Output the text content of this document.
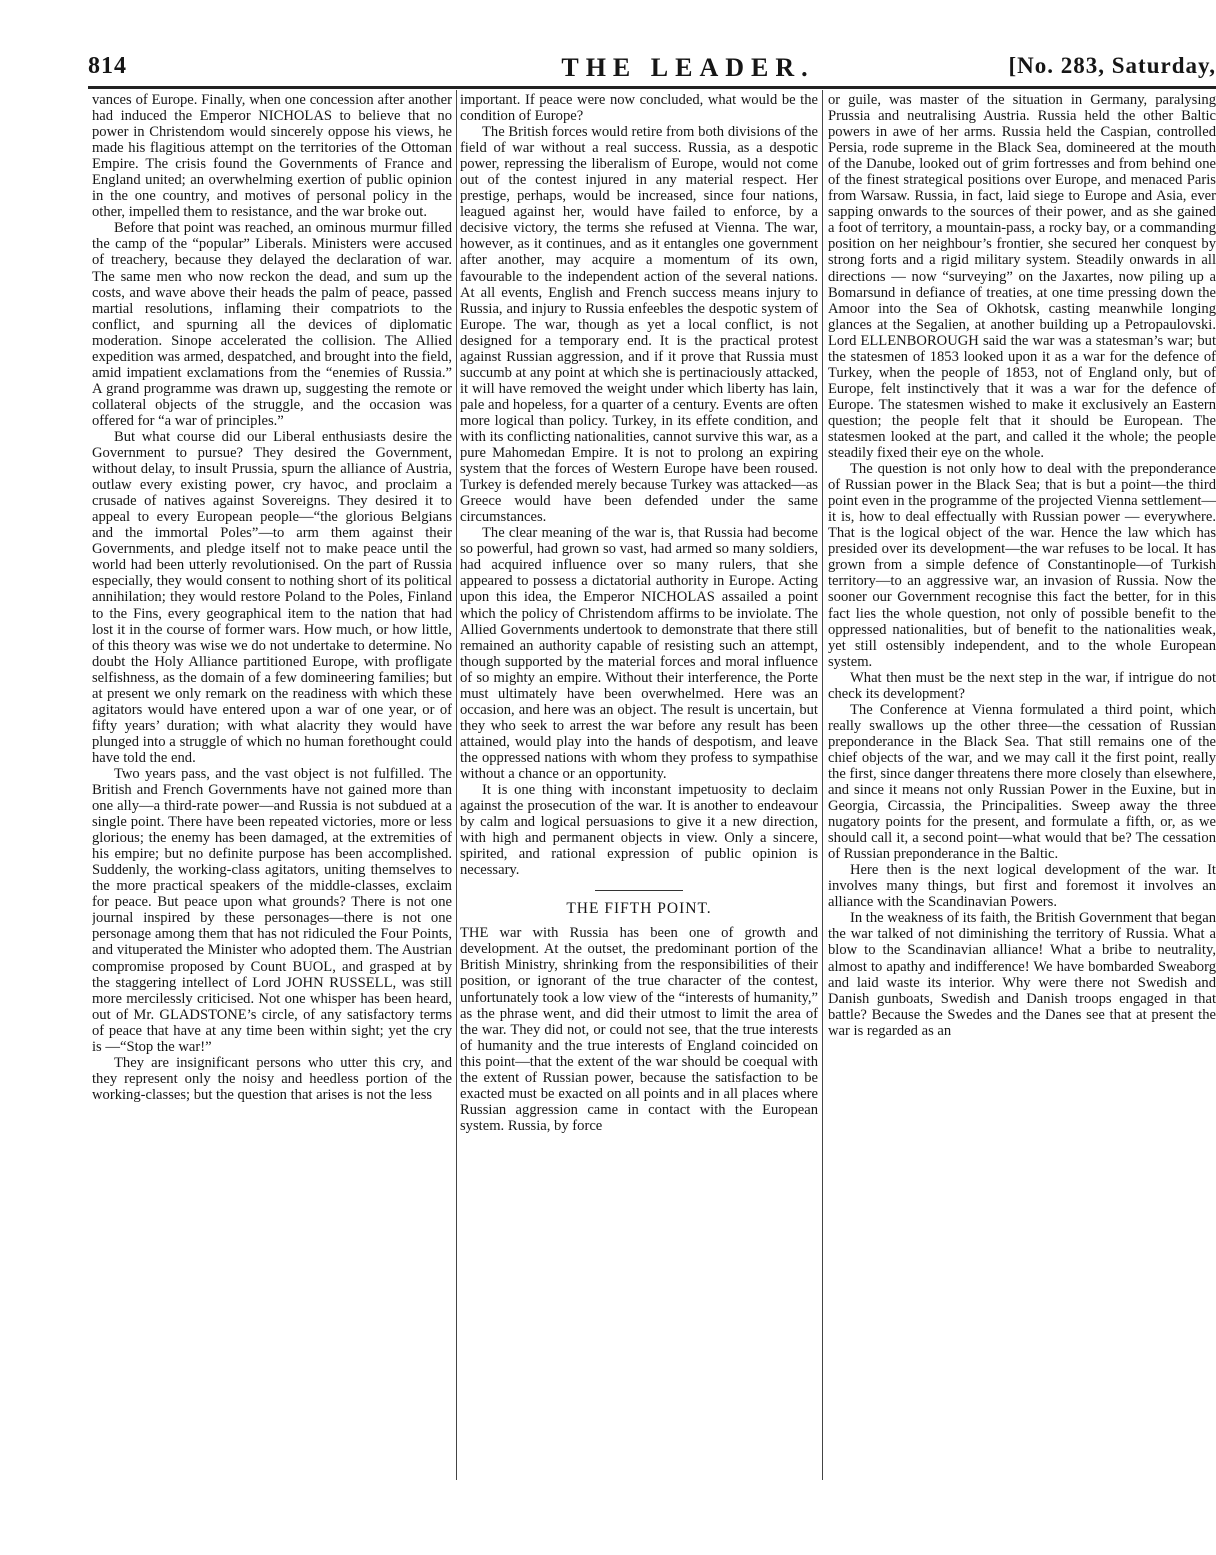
814	THE LEADER.	[No. 283, Saturday,

vances of Europe. Finally, when one concession after another had induced the Emperor NICHOLAS to believe that no power in Christendom would sincerely oppose his views, he made his flagitious attempt on the territories of the Ottoman Empire. The crisis found the Governments of France and England united; an overwhelming exertion of public opinion in the one country, and motives of personal policy in the other, impelled them to resistance, and the war broke out.

Before that point was reached, an ominous murmur filled the camp of the “popular” Liberals. Ministers were accused of treachery, because they delayed the declaration of war. The same men who now reckon the dead, and sum up the costs, and wave above their heads the palm of peace, passed martial resolutions, inflaming their compatriots to the conflict, and spurning all the devices of diplomatic moderation. Sinope accelerated the collision. The Allied expedition was armed, despatched, and brought into the field, amid impatient exclamations from the “enemies of Russia.” A grand programme was drawn up, suggesting the remote or collateral objects of the struggle, and the occasion was offered for “a war of principles.”

But what course did our Liberal enthusiasts desire the Government to pursue? They desired the Government, without delay, to insult Prussia, spurn the alliance of Austria, outlaw every existing power, cry havoc, and proclaim a crusade of natives against Sovereigns. They desired it to appeal to every European people—“the glorious Belgians and the immortal Poles”—to arm them against their Governments, and pledge itself not to make peace until the world had been utterly revolutionised. On the part of Russia especially, they would consent to nothing short of its political annihilation; they would restore Poland to the Poles, Finland to the Fins, every geographical item to the nation that had lost it in the course of former wars. How much, or how little, of this theory was wise we do not undertake to determine. No doubt the Holy Alliance partitioned Europe, with profligate selfishness, as the domain of a few domineering families; but at present we only remark on the readiness with which these agitators would have entered upon a war of one year, or of fifty years’ duration; with what alacrity they would have plunged into a struggle of which no human forethought could have told the end.

Two years pass, and the vast object is not fulfilled. The British and French Governments have not gained more than one ally—a third-rate power—and Russia is not subdued at a single point. There have been repeated victories, more or less glorious; the enemy has been damaged, at the extremities of his empire; but no definite purpose has been accomplished. Suddenly, the working-class agitators, uniting themselves to the more practical speakers of the middle-classes, exclaim for peace. But peace upon what grounds? There is not one journal inspired by these personages—there is not one personage among them that has not ridiculed the Four Points, and vituperated the Minister who adopted them. The Austrian compromise proposed by Count BUOL, and grasped at by the staggering intellect of Lord JOHN RUSSELL, was still more mercilessly criticised. Not one whisper has been heard, out of Mr. GLADSTONE’s circle, of any satisfactory terms of peace that have at any time been within sight; yet the cry is —“Stop the war!”

They are insignificant persons who utter this cry, and they represent only the noisy and heedless portion of the working-classes; but the question that arises is not the less

important. If peace were now concluded, what would be the condition of Europe?

The British forces would retire from both divisions of the field of war without a real success. Russia, as a despotic power, repressing the liberalism of Europe, would not come out of the contest injured in any material respect. Her prestige, perhaps, would be increased, since four nations, leagued against her, would have failed to enforce, by a decisive victory, the terms she refused at Vienna. The war, however, as it continues, and as it entangles one government after another, may acquire a momentum of its own, favourable to the independent action of the several nations. At all events, English and French success means injury to Russia, and injury to Russia enfeebles the despotic system of Europe. The war, though as yet a local conflict, is not designed for a temporary end. It is the practical protest against Russian aggression, and if it prove that Russia must succumb at any point at which she is pertinaciously attacked, it will have removed the weight under which liberty has lain, pale and hopeless, for a quarter of a century. Events are often more logical than policy. Turkey, in its effete condition, and with its conflicting nationalities, cannot survive this war, as a pure Mahomedan Empire. It is not to prolong an expiring system that the forces of Western Europe have been roused. Turkey is defended merely because Turkey was attacked—as Greece would have been defended under the same circumstances.

The clear meaning of the war is, that Russia had become so powerful, had grown so vast, had armed so many soldiers, had acquired influence over so many rulers, that she appeared to possess a dictatorial authority in Europe. Acting upon this idea, the Emperor NICHOLAS assailed a point which the policy of Christendom affirms to be inviolate. The Allied Governments undertook to demonstrate that there still remained an authority capable of resisting such an attempt, though supported by the material forces and moral influence of so mighty an empire. Without their interference, the Porte must ultimately have been overwhelmed. Here was an occasion, and here was an object. The result is uncertain, but they who seek to arrest the war before any result has been attained, would play into the hands of despotism, and leave the oppressed nations with whom they profess to sympathise without a chance or an opportunity.

It is one thing with inconstant impetuosity to declaim against the prosecution of the war. It is another to endeavour by calm and logical persuasions to give it a new direction, with high and permanent objects in view. Only a sincere, spirited, and rational expression of public opinion is necessary.

THE FIFTH POINT.

THE war with Russia has been one of growth and development. At the outset, the predominant portion of the British Ministry, shrinking from the responsibilities of their position, or ignorant of the true character of the contest, unfortunately took a low view of the “interests of humanity,” as the phrase went, and did their utmost to limit the area of the war. They did not, or could not see, that the true interests of humanity and the true interests of England coincided on this point—that the extent of the war should be coequal with the extent of Russian power, because the satisfaction to be exacted must be exacted on all points and in all places where Russian aggression came in contact with the European system. Russia, by force

or guile, was master of the situation in Germany, paralysing Prussia and neutralising Austria. Russia held the other Baltic powers in awe of her arms. Russia held the Caspian, controlled Persia, rode supreme in the Black Sea, domineered at the mouth of the Danube, looked out of grim fortresses and from behind one of the finest strategical positions over Europe, and menaced Paris from Warsaw. Russia, in fact, laid siege to Europe and Asia, ever sapping onwards to the sources of their power, and as she gained a foot of territory, a mountain-pass, a rocky bay, or a commanding position on her neighbour’s frontier, she secured her conquest by strong forts and a rigid military system. Steadily onwards in all directions — now “surveying” on the Jaxartes, now piling up a Bomarsund in defiance of treaties, at one time pressing down the Amoor into the Sea of Okhotsk, casting meanwhile longing glances at the Segalien, at another building up a Petropaulovski. Lord ELLENBOROUGH said the war was a statesman’s war; but the statesmen of 1853 looked upon it as a war for the defence of Turkey, when the people of 1853, not of England only, but of Europe, felt instinctively that it was a war for the defence of Europe. The statesmen wished to make it exclusively an Eastern question; the people felt that it should be European. The statesmen looked at the part, and called it the whole; the people steadily fixed their eye on the whole.

The question is not only how to deal with the preponderance of Russian power in the Black Sea; that is but a point—the third point even in the programme of the projected Vienna settlement—it is, how to deal effectually with Russian power — everywhere. That is the logical object of the war. Hence the law which has presided over its development—the war refuses to be local. It has grown from a simple defence of Constantinople—of Turkish territory—to an aggressive war, an invasion of Russia. Now the sooner our Government recognise this fact the better, for in this fact lies the whole question, not only of possible benefit to the oppressed nationalities, but of benefit to the nationalities weak, yet still ostensibly independent, and to the whole European system.

What then must be the next step in the war, if intrigue do not check its development?

The Conference at Vienna formulated a third point, which really swallows up the other three—the cessation of Russian preponderance in the Black Sea. That still remains one of the chief objects of the war, and we may call it the first point, really the first, since danger threatens there more closely than elsewhere, and since it means not only Russian Power in the Euxine, but in Georgia, Circassia, the Principalities. Sweep away the three nugatory points for the present, and formulate a fifth, or, as we should call it, a second point—what would that be? The cessation of Russian preponderance in the Baltic.

Here then is the next logical development of the war. It involves many things, but first and foremost it involves an alliance with the Scandinavian Powers.

In the weakness of its faith, the British Government that began the war talked of not diminishing the territory of Russia. What a blow to the Scandinavian alliance! What a bribe to neutrality, almost to apathy and indifference! We have bombarded Sweaborg and laid waste its interior. Why were there not Swedish and Danish gunboats, Swedish and Danish troops engaged in that battle? Because the Swedes and the Danes see that at present the war is regarded as an
